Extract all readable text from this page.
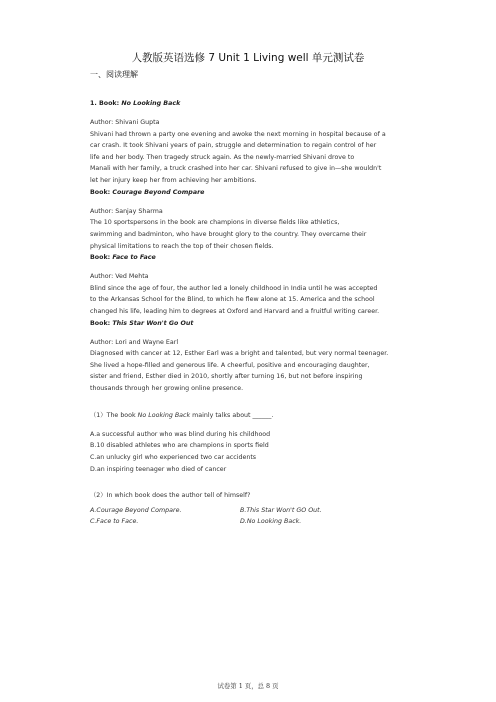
人教版英语选修 7 Unit 1 Living well 单元测试卷
一、阅读理解

1. Book: No Looking Back

Author: Shivani Gupta

Shivani had thrown a party one evening and awoke the next morning in hospital because of a

car crash. It took Shivani years of pain, struggle and determination to regain control of her

life and her body. Then tragedy struck again. As the newly-married Shivani drove to

Manali with her family, a truck crashed into her car. Shivani refused to give in—she wouldn't

let her injury keep her from achieving her ambitions.

Book: Courage Beyond Compare

Author: Sanjay Sharma

The 10 sportspersons in the book are champions in diverse fields like athletics,

swimming and badminton, who have brought glory to the country. They overcame their

physical limitations to reach the top of their chosen fields.

Book: Face to Face

Author: Ved Mehta

Blind since the age of four, the author led a lonely childhood in India until he was accepted

to the Arkansas School for the Blind, to which he flew alone at 15. America and the school

changed his life, leading him to degrees at Oxford and Harvard and a fruitful writing career.

Book: This Star Won't Go Out

Author: Lori and Wayne Earl

Diagnosed with cancer at 12, Esther Earl was a bright and talented, but very normal teenager.

She lived a hope-filled and generous life. A cheerful, positive and encouraging daughter,

sister and friend, Esther died in 2010, shortly after turning 16, but not before inspiring

thousands through her growing online presence.

（1）The book No Looking Back mainly talks about ______.

A.a successful author who was blind during his childhood

B.10 disabled athletes who are champions in sports field

C.an unlucky girl who experienced two car accidents

D.an inspiring teenager who died of cancer

（2）In which book does the author tell of himself?

A.Courage Beyond Compare.	B.This Star Won't GO Out.
C.Face to Face.	D.No Looking Back.
试卷第 1 页，总 8 页
